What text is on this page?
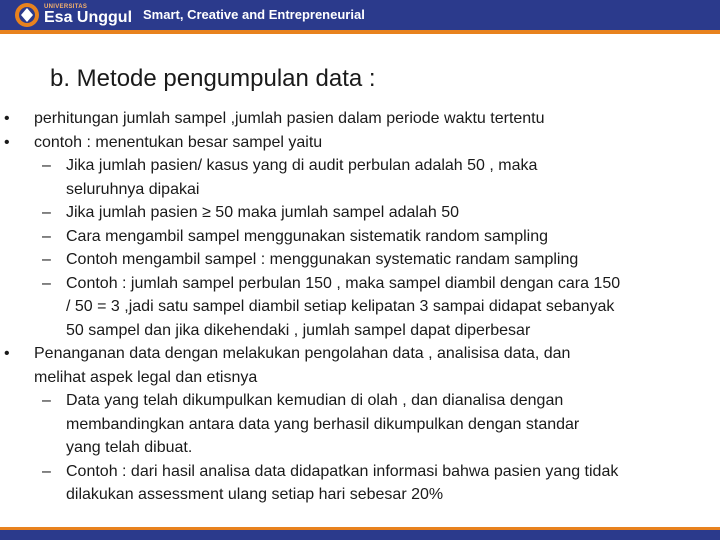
UNIVERSITAS
Esa Unggul Smart, Creative and Entrepreneurial
b. Metode pengumpulan data :
• perhitungan jumlah sampel ,jumlah pasien dalam periode waktu tertentu
• contoh : menentukan besar sampel yaitu
– Jika jumlah pasien/ kasus yang di audit perbulan adalah 50 , maka
seluruhnya dipakai
– Jika jumlah pasien ≥ 50 maka jumlah sampel adalah 50
– Cara mengambil sampel menggunakan sistematik random sampling
– Contoh mengambil sampel : menggunakan systematic randam sampling
– Contoh : jumlah sampel perbulan 150 , maka sampel diambil dengan cara 150
/ 50 = 3 ,jadi satu sampel diambil setiap kelipatan 3 sampai didapat sebanyak
50 sampel dan jika dikehendaki , jumlah sampel dapat diperbesar
• Penanganan data dengan melakukan pengolahan data , analisisa data, dan
melihat aspek legal dan etisnya
– Data yang telah dikumpulkan kemudian di olah , dan dianalisa dengan
membandingkan antara data yang berhasil dikumpulkan dengan standar
yang telah dibuat.
– Contoh : dari hasil analisa data didapatkan informasi bahwa pasien yang tidak
dilakukan assessment ulang setiap hari sebesar 20%
